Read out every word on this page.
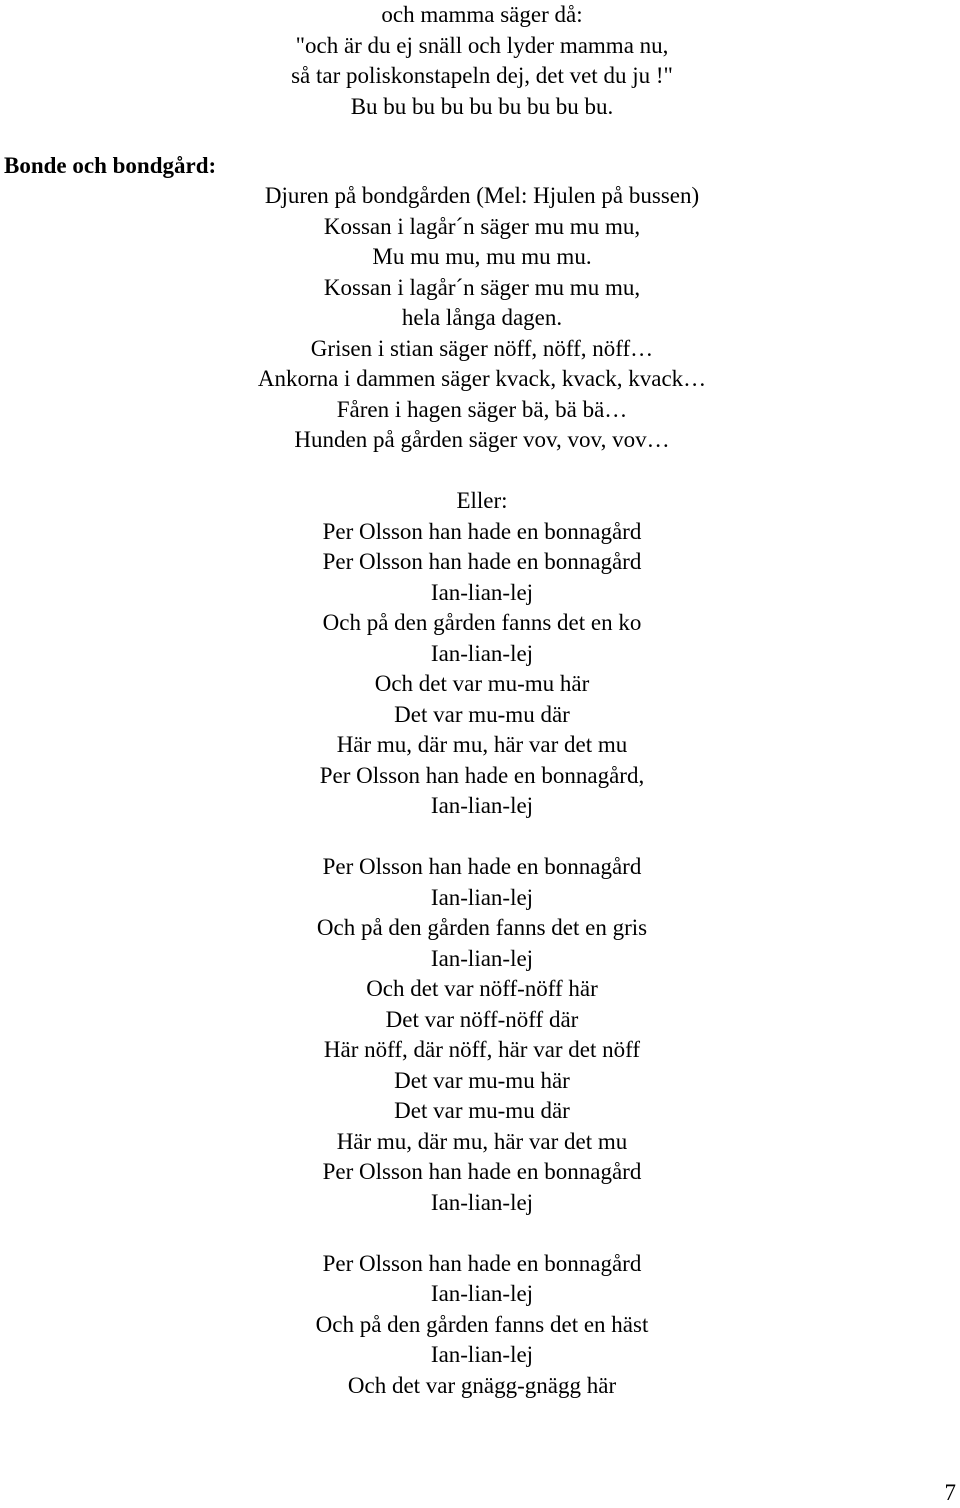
och mamma säger då:
"och är du ej snäll och lyder mamma nu,
så tar poliskonstapeln dej, det vet du ju !"
Bu bu bu bu bu bu bu bu bu.
Bonde och bondgård:
Djuren på bondgården (Mel: Hjulen på bussen)
Kossan i lagår´n säger mu mu mu,
Mu mu mu, mu mu mu.
Kossan i lagår´n säger mu mu mu,
hela långa dagen.
Grisen i stian säger nöff, nöff, nöff…
Ankorna i dammen säger kvack, kvack, kvack…
Fåren i hagen säger bä, bä bä…
Hunden på gården säger vov, vov, vov…
Eller:
Per Olsson han hade en bonnagård
Per Olsson han hade en bonnagård
Ian-lian-lej
Och på den gården fanns det en ko
Ian-lian-lej
Och det var mu-mu här
Det var mu-mu där
Här mu, där mu, här var det mu
Per Olsson han hade en bonnagård,
Ian-lian-lej
Per Olsson han hade en bonnagård
Ian-lian-lej
Och på den gården fanns det en gris
Ian-lian-lej
Och det var nöff-nöff här
Det var nöff-nöff där
Här nöff, där nöff, här var det nöff
Det var mu-mu här
Det var mu-mu där
Här mu, där mu, här var det mu
Per Olsson han hade en bonnagård
Ian-lian-lej
Per Olsson han hade en bonnagård
Ian-lian-lej
Och på den gården fanns det en häst
Ian-lian-lej
Och det var gnägg-gnägg här
7
